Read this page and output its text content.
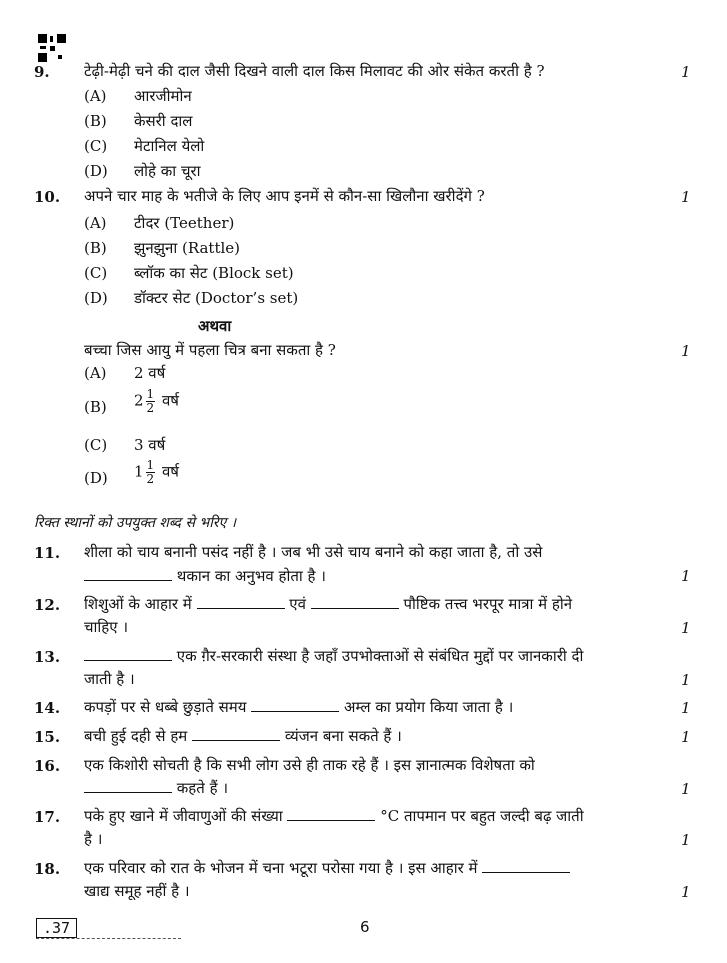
9. टेढ़ी-मेढ़ी चने की दाल जैसी दिखने वाली दाल किस मिलावट की ओर संकेत करती है ?	1
(A) आरजीमोन
(B) केसरी दाल
(C) मेटानिल येलो
(D) लोहे का चूरा
10. अपने चार माह के भतीजे के लिए आप इनमें से कौन-सा खिलौना खरीदेंगे ?	1
(A) टीदर (Teether)
(B) झुनझुना (Rattle)
(C) ब्लॉक का सेट (Block set)
(D) डॉक्टर सेट (Doctor’s set)
अथवा
बच्चा जिस आयु में पहला चित्र बना सकता है ?	1
(A) 2 वर्ष
(B) $2 \frac{1}{2}$ वर्ष
(C) 3 वर्ष
(D) $1 \frac{1}{2}$ वर्ष
रिक्त स्थानों को उपयुक्त शब्द से भरिए ।
11. शीला को चाय बनानी पसंद नहीं है । जब भी उसे चाय बनाने को कहा जाता है, तो उसे
थकान का अनुभव होता है ।	1
12. शिशुओं के आहार में	एवं	पौष्टिक तत्त्व भरपूर मात्रा में होने
चाहिए ।	1
13.	एक ग़ैर-सरकारी संस्था है जहाँ उपभोक्ताओं से संबंधित मुद्दों पर जानकारी दी
जाती है ।	1
14. कपड़ों पर से धब्बे छुड़ाते समय	अम्ल का प्रयोग किया जाता है ।	1
15. बची हुई दही से हम	व्यंजन बना सकते हैं ।	1
16. एक किशोरी सोचती है कि सभी लोग उसे ही ताक रहे हैं । इस ज्ञानात्मक विशेषता को
कहते हैं ।	1
17. पके हुए खाने में जीवाणुओं की संख्या	°C तापमान पर बहुत जल्दी बढ़ जाती
है ।	1
18. एक परिवार को रात के भोजन में चना भटूरा परोसा गया है । इस आहार में
खाद्य समूह नहीं है ।	1
.37	6
